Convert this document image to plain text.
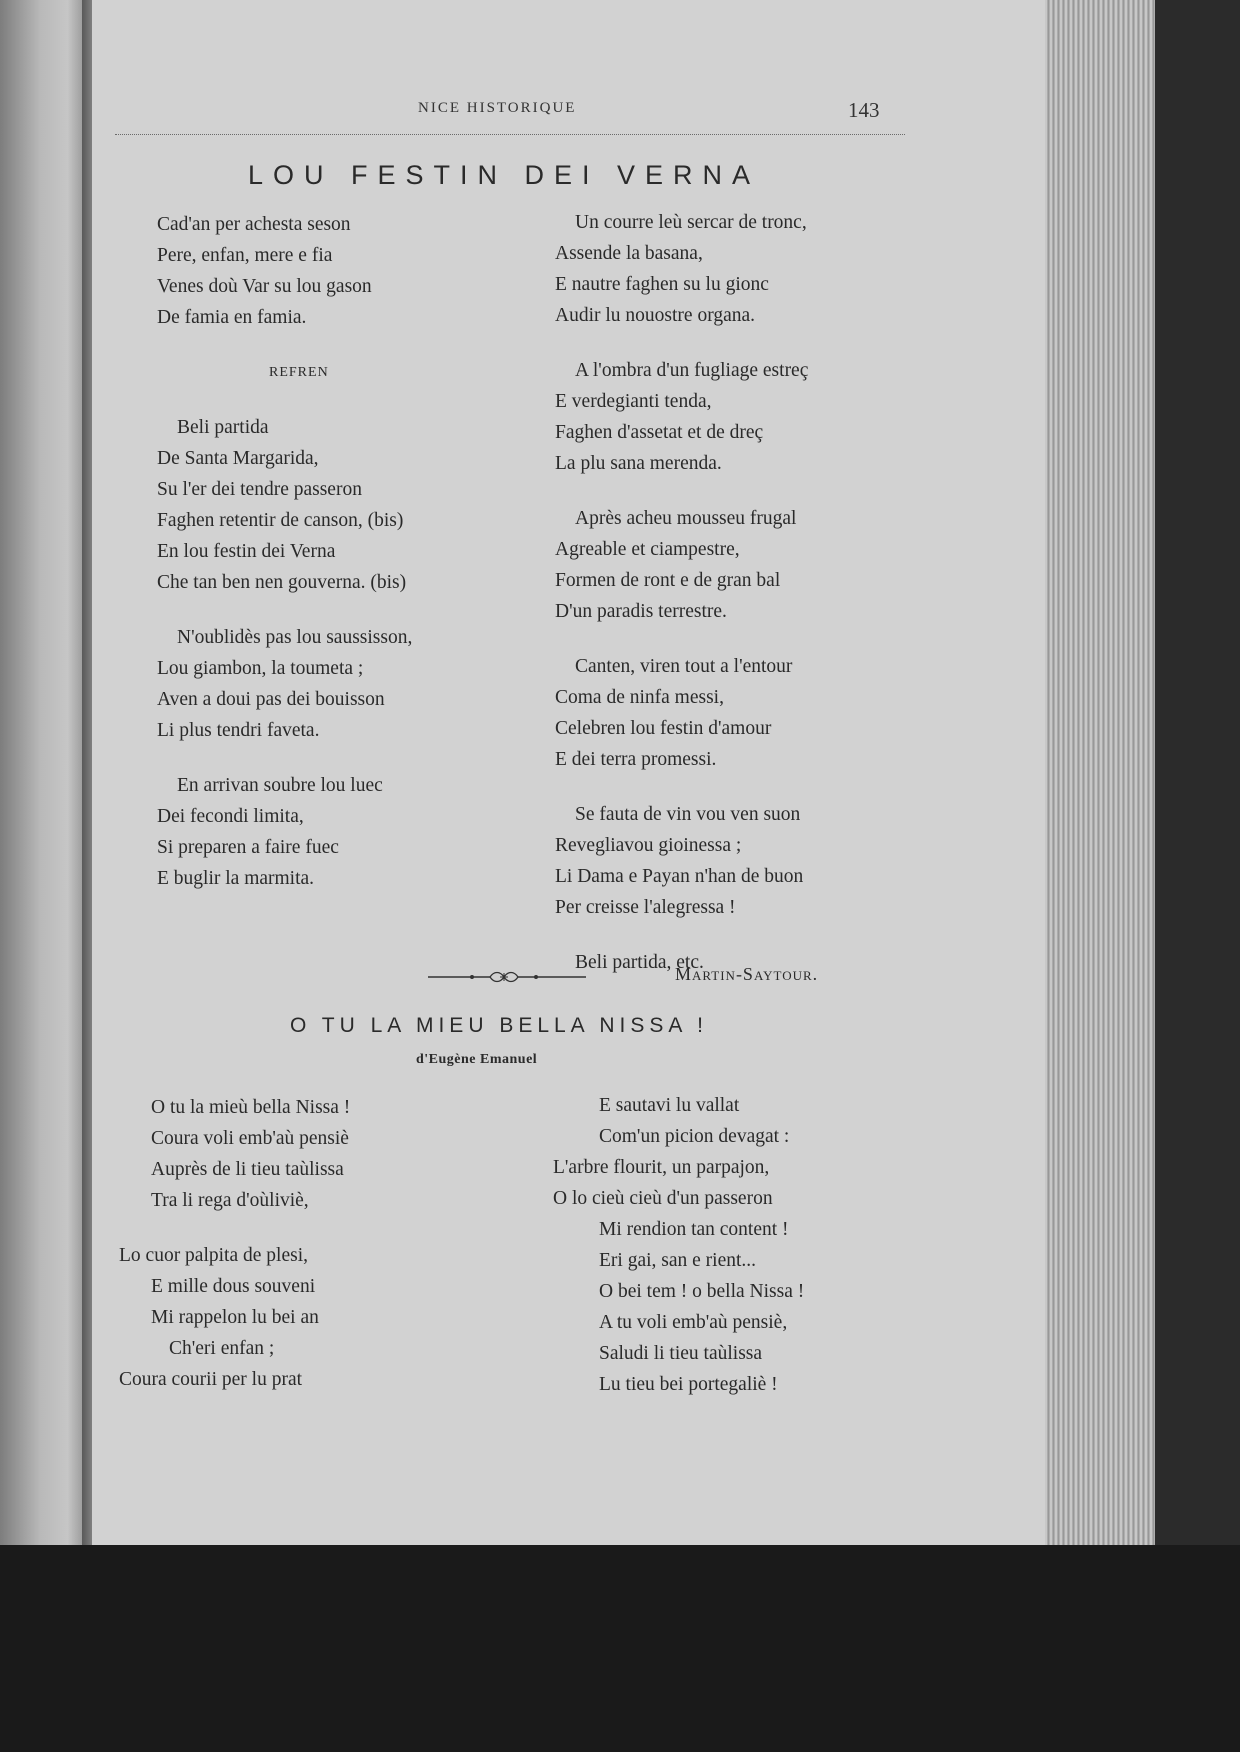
NICE HISTORIQUE	143
LOU FESTIN DEI VERNA
Cad'an per achesta seson
Pere, enfan, mere e fia
Venes doù Var su lou gason
De famia en famia.
REFREN
Beli partida
De Santa Margarida,
Su l'er dei tendre passeron
Faghen retentir de canson, (bis)
En lou festin dei Verna
Che tan ben nen gouverna. (bis)
N'oublidès pas lou saussisson,
Lou giambon, la toumeta ;
Aven a doui pas dei bouisson
Li plus tendri faveta.
En arrivan soubre lou luec
Dei fecondi limita,
Si preparen a faire fuec
E buglir la marmita.
Un courre leù sercar de tronc,
Assende la basana,
E nautre faghen su lu gionc
Audir lu nouostre organa.
A l'ombra d'un fugliage estreç
E verdegianti tenda,
Faghen d'assetat et de dreç
La plu sana merenda.
Après acheu mousseu frugal
Agreable et ciampestre,
Formen de ront e de gran bal
D'un paradis terrestre.
Canten, viren tout a l'entour
Coma de ninfa messi,
Celebren lou festin d'amour
E dei terra promessi.
Se fauta de vin vou ven suon
Revegliavou gioinessa ;
Li Dama e Payan n'han de buon
Per creisse l'alegressa !
Beli partida, etc.
Martin-Saytour.
O TU LA MIEU BELLA NISSA !
d'Eugène Emanuel
O tu la mieù bella Nissa !
Coura voli emb'aù pensiè
Auprès de li tieu taùlissa
Tra li rega d'oùliviè,
Lo cuor palpita de plesi,
E mille dous souveni
Mi rappelon lu bei an
Ch'eri enfan ;
Coura courii per lu prat
E sautavi lu vallat
Com'un picion devagat :
L'arbre flourit, un parpajon,
O lo cieù cieù d'un passeron
Mi rendion tan content !
Eri gai, san e rient...
O bei tem ! o bella Nissa !
A tu voli emb'aù pensiè,
Saludi li tieu taùlissa
Lu tieu bei portegaliè !
